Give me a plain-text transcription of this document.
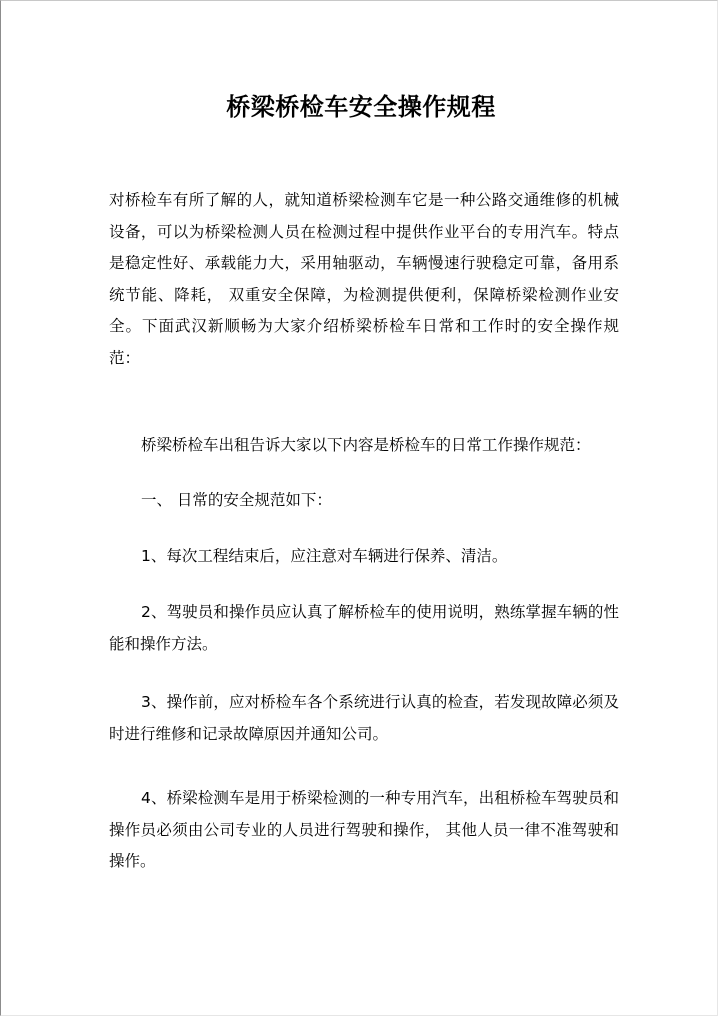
桥梁桥检车安全操作规程

对桥检车有所了解的人，就知道桥梁检测车它是一种公路交通维修的机械设备，可以为桥梁检测人员在检测过程中提供作业平台的专用汽车。特点是稳定性好、承载能力大，采用轴驱动，车辆慢速行驶稳定可靠，备用系统节能、降耗， 双重安全保障，为检测提供便利，保障桥梁检测作业安全。下面武汉新顺畅为大家介绍桥梁桥检车日常和工作时的安全操作规范：

桥梁桥检车出租告诉大家以下内容是桥检车的日常工作操作规范：

一、 日常的安全规范如下：

1、每次工程结束后，应注意对车辆进行保养、清洁。

2、驾驶员和操作员应认真了解桥检车的使用说明，熟练掌握车辆的性能和操作方法。

3、操作前，应对桥检车各个系统进行认真的检查，若发现故障必须及时进行维修和记录故障原因并通知公司。

4、桥梁检测车是用于桥梁检测的一种专用汽车，出租桥检车驾驶员和操作员必须由公司专业的人员进行驾驶和操作， 其他人员一律不准驾驶和操作。
